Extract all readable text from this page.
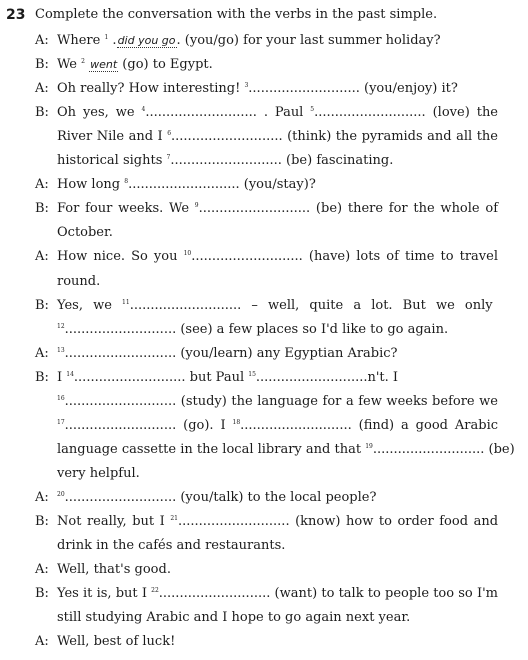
23 Complete the conversation with the verbs in the past simple.
A: Where $^1$ .did you go. (you/go) for your last summer holiday?
B: We $^2$ went (go) to Egypt.
A: Oh really? How interesting! $^3$........................... (you/enjoy) it?
B: Oh yes, we $^4$........................... . Paul $^5$........................... (love) the
River Nile and I $^6$........................... (think) the pyramids and all the
historical sights $^7$........................... (be) fascinating.
A: How long $^8$........................... (you/stay)?
B: For four weeks. We $^9$........................... (be) there for the whole of
October.
A: How nice. So you $^{10}$........................... (have) lots of time to travel
round.
B: Yes, we $^{11}$........................... – well, quite a lot. But we only
$^{12}$........................... (see) a few places so I'd like to go again.
A: $^{13}$........................... (you/learn) any Egyptian Arabic?
B: I $^{14}$........................... but Paul $^{15}$...........................n't. I
$^{16}$........................... (study) the language for a few weeks before we
$^{17}$........................... (go). I $^{18}$........................... (find) a good Arabic
language cassette in the local library and that $^{19}$........................... (be)
very helpful.
A: $^{20}$........................... (you/talk) to the local people?
B: Not really, but I $^{21}$........................... (know) how to order food and
drink in the cafés and restaurants.
A: Well, that's good.
B: Yes it is, but I $^{22}$........................... (want) to talk to people too so I'm
still studying Arabic and I hope to go again next year.
A: Well, best of luck!
